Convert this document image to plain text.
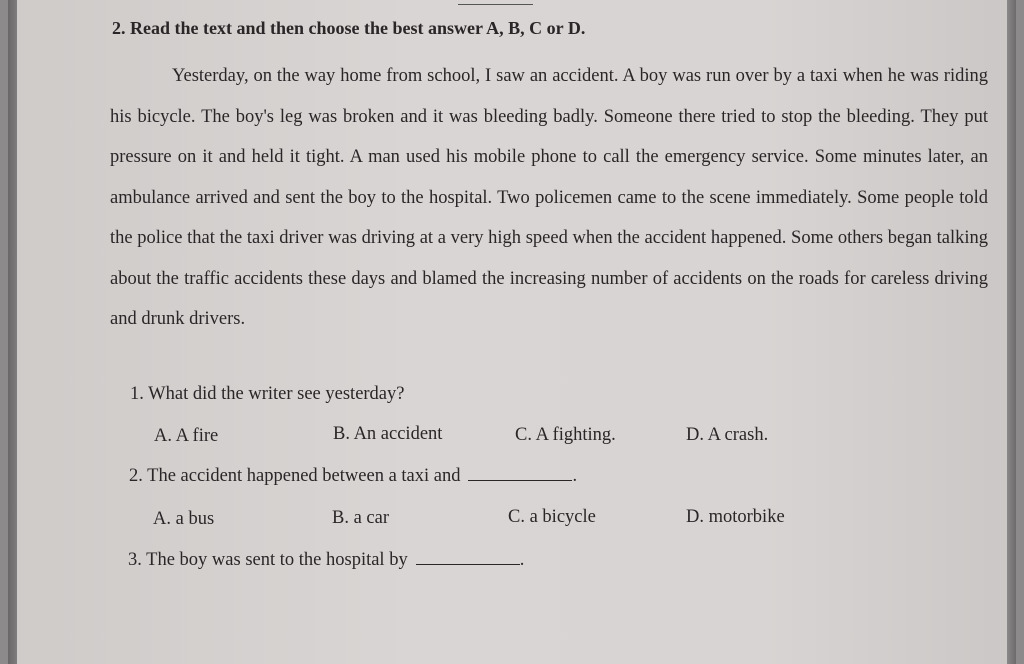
2. Read the text and then choose the best answer A, B, C or D.
Yesterday, on the way home from school, I saw an accident. A boy was run over by a taxi when he was riding his bicycle. The boy's leg was broken and it was bleeding badly. Someone there tried to stop the bleeding. They put pressure on it and held it tight. A man used his mobile phone to call the emergency service. Some minutes later, an ambulance arrived and sent the boy to the hospital. Two policemen came to the scene immediately. Some people told the police that the taxi driver was driving at a very high speed when the accident happened. Some others began talking about the traffic accidents these days and blamed the increasing number of accidents on the roads for careless driving and drunk drivers.
1. What did the writer see yesterday?
A. A fire	B. An accident	C. A fighting.	D. A crash.
2. The accident happened between a taxi and	.
A. a bus	B. a car	C. a bicycle	D. motorbike
3. The boy was sent to the hospital by	.
